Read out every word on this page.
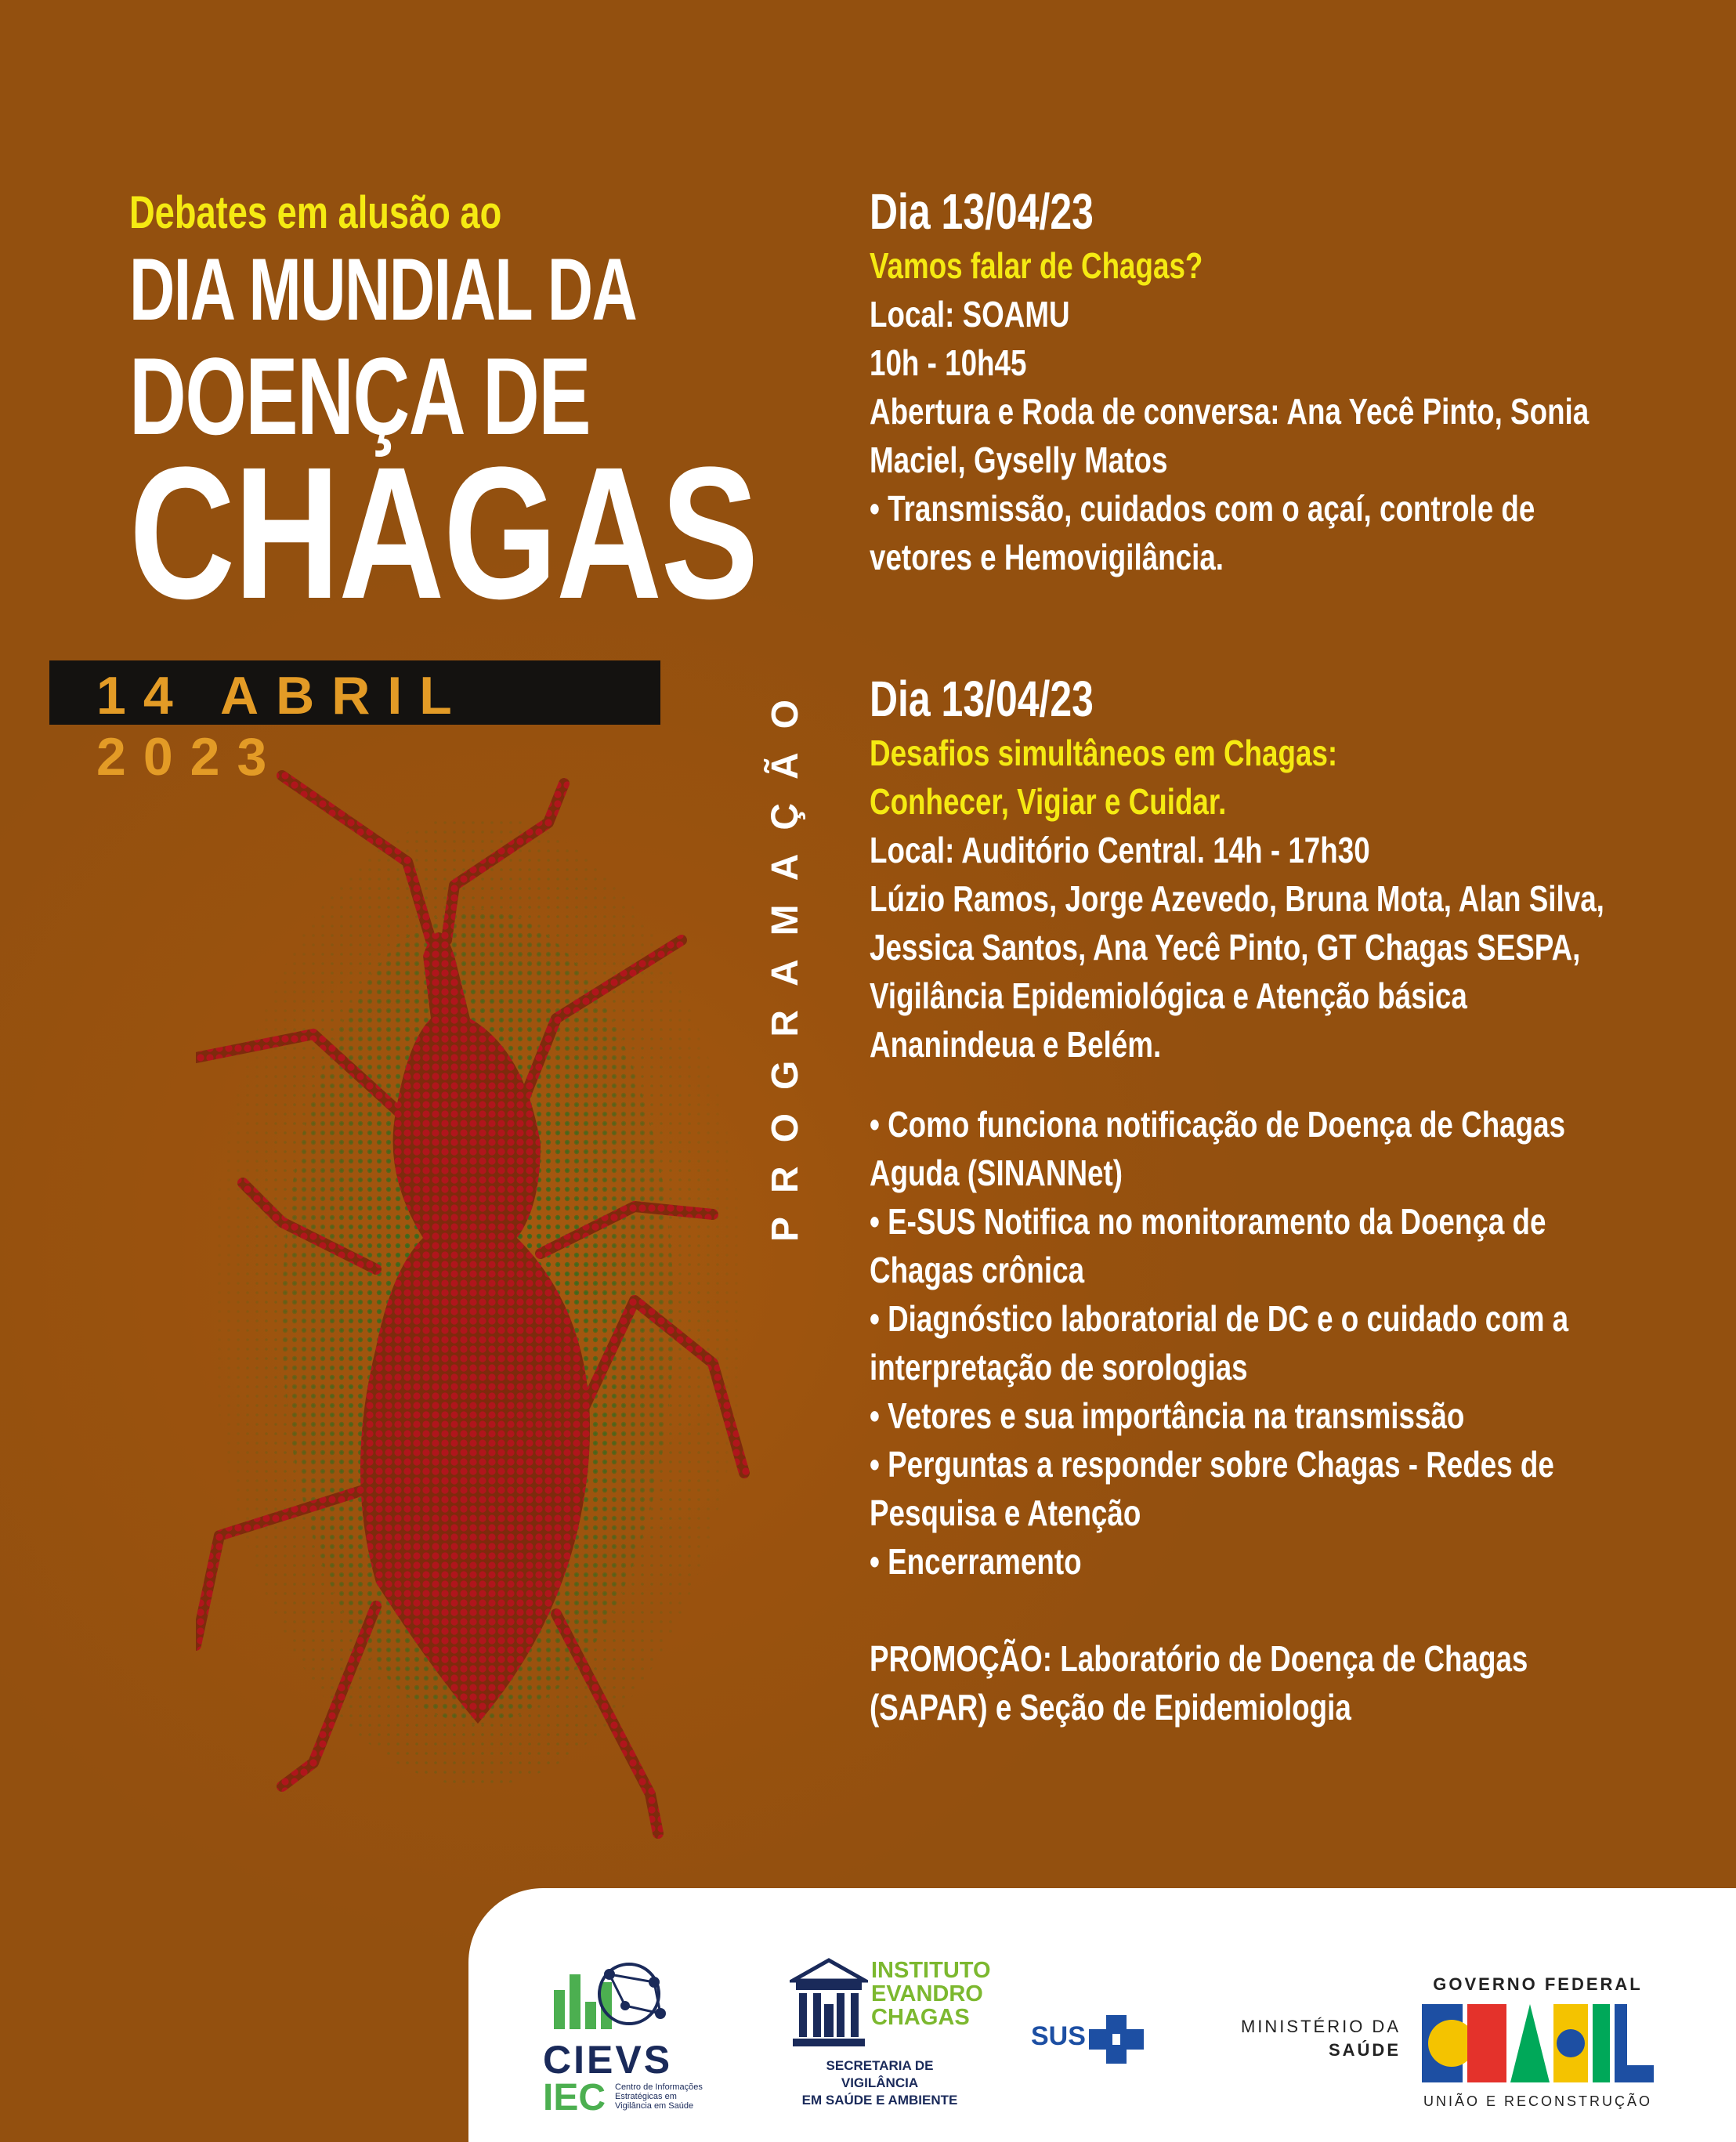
Debates em alusão ao
DIA MUNDIAL DA
DOENÇA DE
CHAGAS
14 ABRIL 2023	PROGRAMAÇÃO
Dia 13/04/23
Vamos falar de Chagas?
Local: SOAMU
10h - 10h45
Abertura e Roda de conversa: Ana Yecê Pinto, Sonia
Maciel, Gyselly Matos
• Transmissão, cuidados com o açaí, controle de
vetores e Hemovigilância.
Dia 13/04/23
Desafios simultâneos em Chagas:
Conhecer, Vigiar e Cuidar.
Local: Auditório Central. 14h - 17h30
Lúzio Ramos, Jorge Azevedo, Bruna Mota, Alan Silva,
Jessica Santos, Ana Yecê Pinto, GT Chagas SESPA,
Vigilância Epidemiológica e Atenção básica
Ananindeua e Belém.
• Como funciona notificação de Doença de Chagas
Aguda (SINANNet)
• E-SUS Notifica no monitoramento da Doença de
Chagas crônica
• Diagnóstico laboratorial de DC e o cuidado com a
interpretação de sorologias
• Vetores e sua importância na transmissão
• Perguntas a responder sobre Chagas - Redes de
Pesquisa e Atenção
• Encerramento
PROMOÇÃO: Laboratório de Doença de Chagas
(SAPAR) e Seção de Epidemiologia
CIEVS
IEC Centro de Informações
Estratégicas em
Vigilância em Saúde
INSTITUTO
EVANDRO
CHAGAS
SECRETARIA DE VIGILÂNCIA
EM SAÚDE E AMBIENTE
SUS	MINISTÉRIO DA
SAÚDE
GOVERNO FEDERAL
UNIÃO E RECONSTRUÇÃO
